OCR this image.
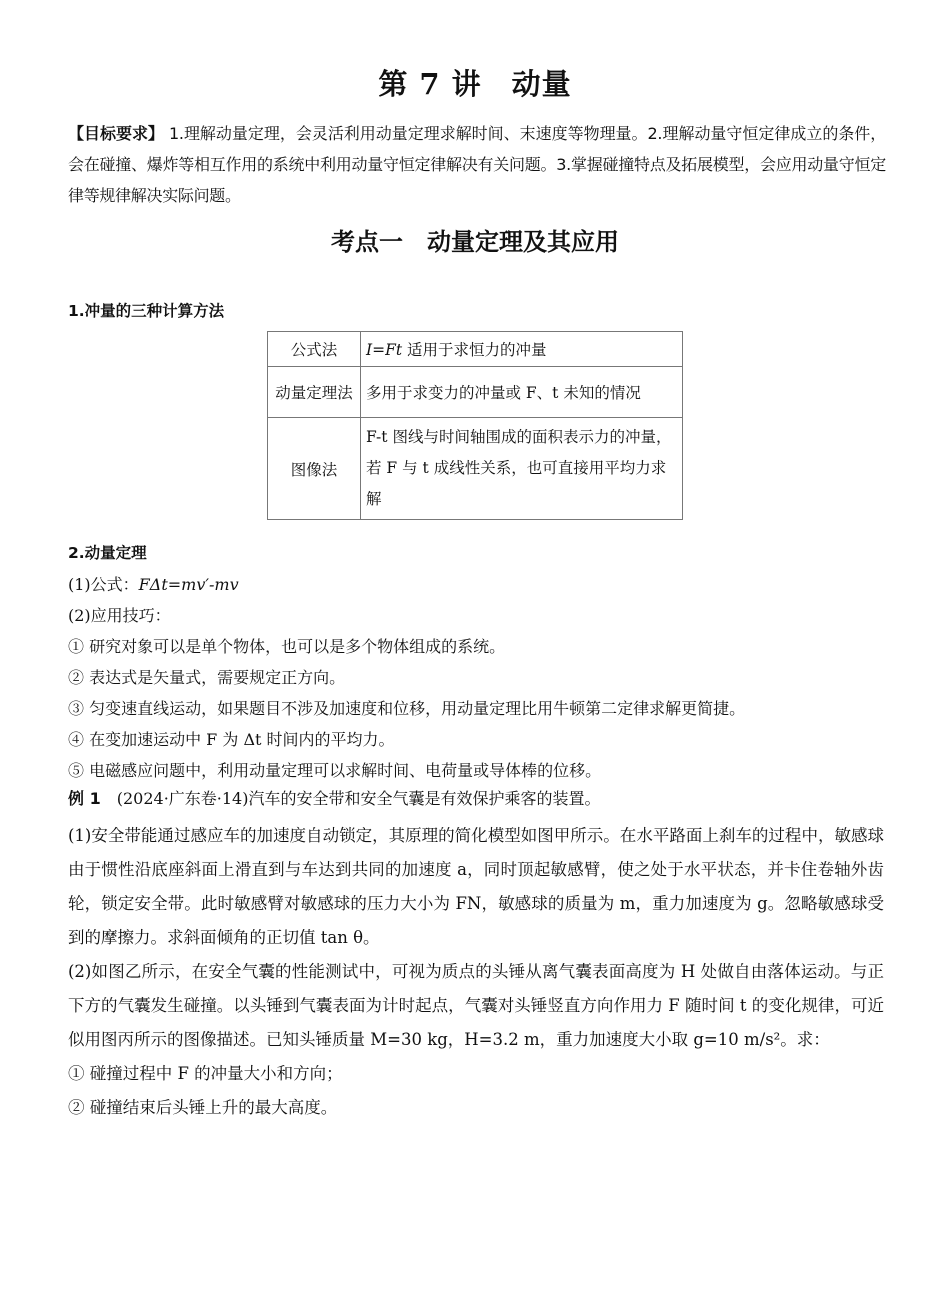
第 7 讲　动量
【目标要求】 1.理解动量定理，会灵活利用动量定理求解时间、末速度等物理量。2.理解动量守恒定律成立的条件，会在碰撞、爆炸等相互作用的系统中利用动量守恒定律解决有关问题。3.掌握碰撞特点及拓展模型，会应用动量守恒定律等规律解决实际问题。
考点一　动量定理及其应用
1.冲量的三种计算方法
公式法	I=Ft 适用于求恒力的冲量
动量定理法	多用于求变力的冲量或 F、t 未知的情况
图像法	F-t 图线与时间轴围成的面积表示力的冲量，若 F 与 t 成线性关系，也可直接用平均力求解
2.动量定理
(1)公式：FΔt=mv′-mv
(2)应用技巧：
① 研究对象可以是单个物体，也可以是多个物体组成的系统。
② 表达式是矢量式，需要规定正方向。
③ 匀变速直线运动，如果题目不涉及加速度和位移，用动量定理比用牛顿第二定律求解更简捷。
④ 在变加速运动中 F 为 Δt 时间内的平均力。
⑤ 电磁感应问题中，利用动量定理可以求解时间、电荷量或导体棒的位移。
例 1　 (2024·广东卷·14)汽车的安全带和安全气囊是有效保护乘客的装置。

(1)安全带能通过感应车的加速度自动锁定，其原理的简化模型如图甲所示。在水平路面上刹车的过程中，敏感球由于惯性沿底座斜面上滑直到与车达到共同的加速度 a，同时顶起敏感臂，使之处于水平状态，并卡住卷轴外齿轮，锁定安全带。此时敏感臂对敏感球的压力大小为 FN，敏感球的质量为 m，重力加速度为 g。忽略敏感球受到的摩擦力。求斜面倾角的正切值 tan θ。

(2)如图乙所示，在安全气囊的性能测试中，可视为质点的头锤从离气囊表面高度为 H 处做自由落体运动。与正下方的气囊发生碰撞。以头锤到气囊表面为计时起点，气囊对头锤竖直方向作用力 F 随时间 t 的变化规律，可近似用图丙所示的图像描述。已知头锤质量 M=30 kg，H=3.2 m，重力加速度大小取 g=10 m/s²。求：

① 碰撞过程中 F 的冲量大小和方向；

② 碰撞结束后头锤上升的最大高度。
